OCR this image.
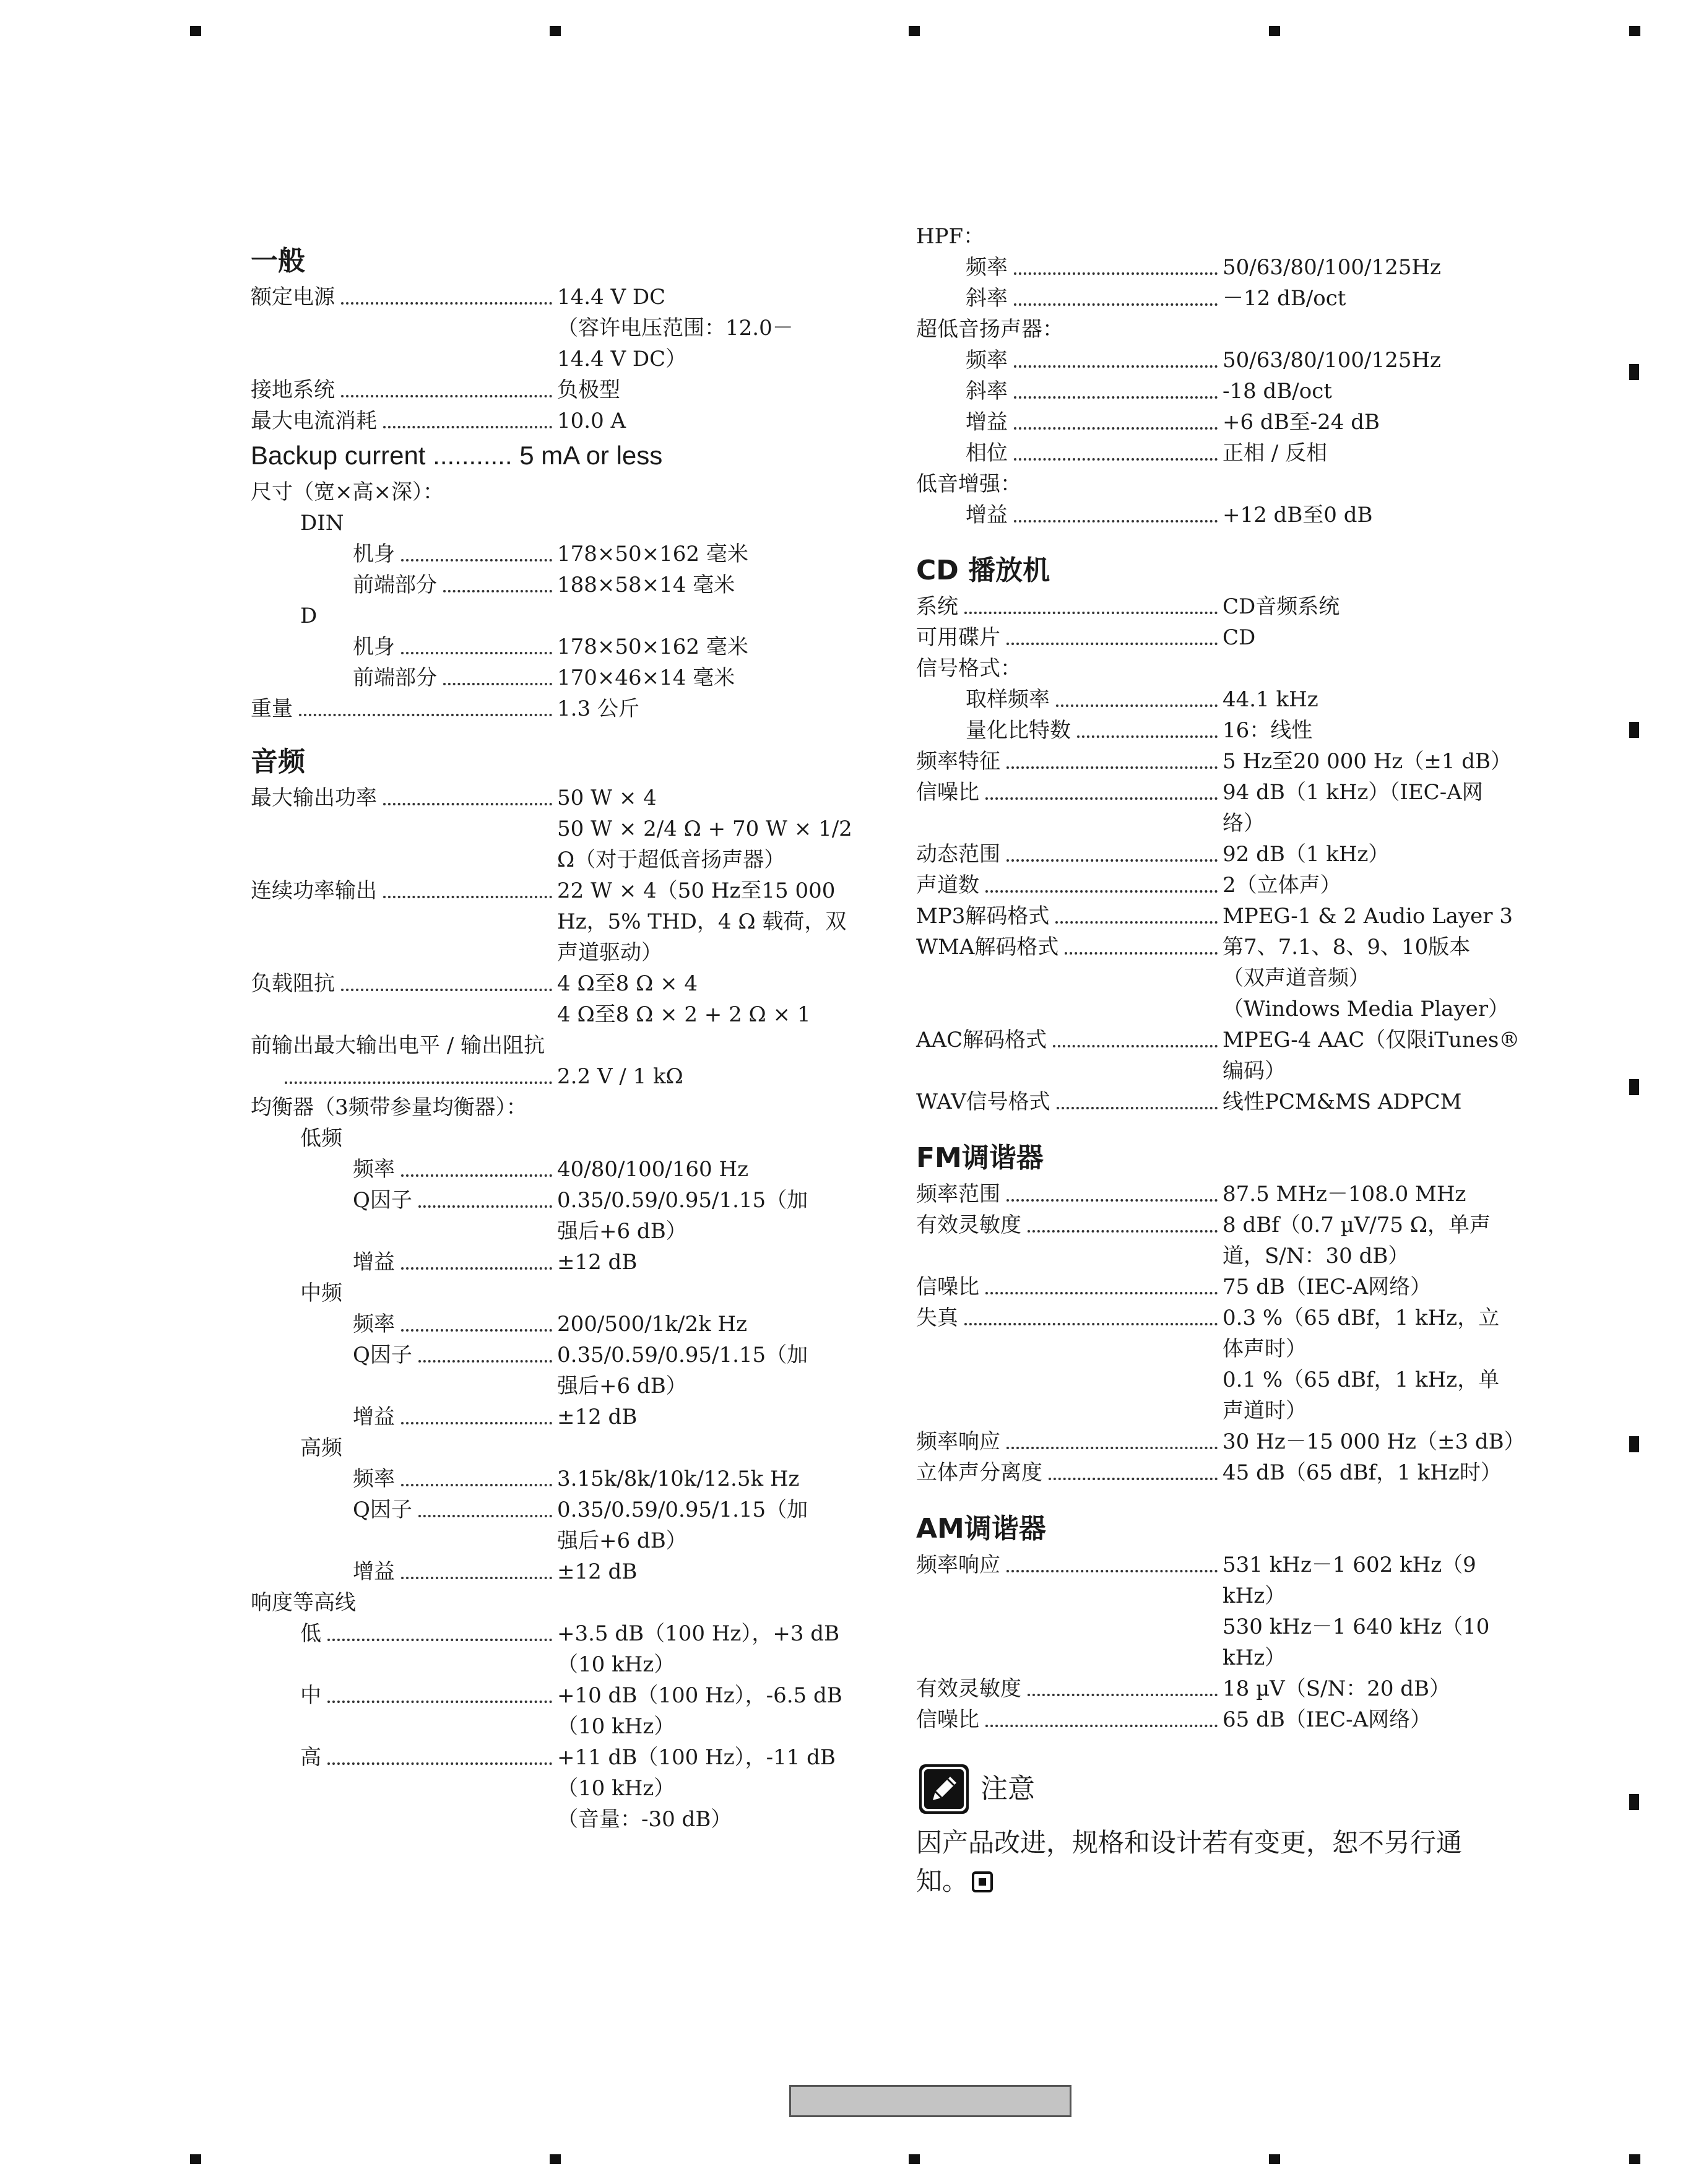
一般
额定电源	14.4 V DC
（容许电压范围：12.0－
14.4 V DC）
接地系统	负极型
最大电流消耗	10.0 A
Backup current ........... 5 mA or less
尺寸（宽×高×深）：
DIN
机身	178×50×162 毫米
前端部分	188×58×14 毫米
D
机身	178×50×162 毫米
前端部分	170×46×14 毫米
重量	1.3 公斤
音频
最大输出功率	50 W × 4
50 W × 2/4 Ω + 70 W × 1/2
Ω（对于超低音扬声器）
连续功率输出	22 W × 4（50 Hz至15 000
Hz，5% THD，4 Ω 载荷，双
声道驱动）
负载阻抗	4 Ω至8 Ω × 4
4 Ω至8 Ω × 2 + 2 Ω × 1
前输出最大输出电平 / 输出阻抗
2.2 V / 1 kΩ
均衡器（3频带参量均衡器）：
低频
频率	40/80/100/160 Hz
Q因子	0.35/0.59/0.95/1.15（加
强后+6 dB）
增益	±12 dB
中频
频率	200/500/1k/2k Hz
Q因子	0.35/0.59/0.95/1.15（加
强后+6 dB）
增益	±12 dB
高频
频率	3.15k/8k/10k/12.5k Hz
Q因子	0.35/0.59/0.95/1.15（加
强后+6 dB）
增益	±12 dB
响度等高线
低	+3.5 dB（100 Hz），+3 dB
（10 kHz）
中	+10 dB（100 Hz），-6.5 dB
（10 kHz）
高	+11 dB（100 Hz），-11 dB
（10 kHz）
（音量：-30 dB）
HPF：
频率	50/63/80/100/125Hz
斜率	－12 dB/oct
超低音扬声器：
频率	50/63/80/100/125Hz
斜率	-18 dB/oct
增益	+6 dB至-24 dB
相位	正相 / 反相
低音增强：
增益	+12 dB至0 dB
CD 播放机
系统	CD音频系统
可用碟片	CD
信号格式：
取样频率	44.1 kHz
量化比特数	16：线性
频率特征	5 Hz至20 000 Hz（±1 dB）
信噪比	94 dB（1 kHz）（IEC-A网
络）
动态范围	92 dB（1 kHz）
声道数	2（立体声）
MP3解码格式	MPEG-1 & 2 Audio Layer 3
WMA解码格式	第7、7.1、8、9、10版本
（双声道音频）
（Windows Media Player）
AAC解码格式	MPEG-4 AAC（仅限iTunes®
编码）
WAV信号格式	线性PCM&MS ADPCM
FM调谐器
频率范围	87.5 MHz－108.0 MHz
有效灵敏度	8 dBf（0.7 µV/75 Ω，单声
道，S/N：30 dB）
信噪比	75 dB（IEC-A网络）
失真	0.3 %（65 dBf，1 kHz，立
体声时）
0.1 %（65 dBf，1 kHz，单
声道时）
频率响应	30 Hz－15 000 Hz（±3 dB）
立体声分离度	45 dB（65 dBf，1 kHz时）
AM调谐器
频率响应	531 kHz－1 602 kHz（9
kHz）
530 kHz－1 640 kHz（10
kHz）
有效灵敏度	18 µV（S/N：20 dB）
信噪比	65 dB（IEC-A网络）
注意
因产品改进，规格和设计若有变更，恕不另行通
知。
